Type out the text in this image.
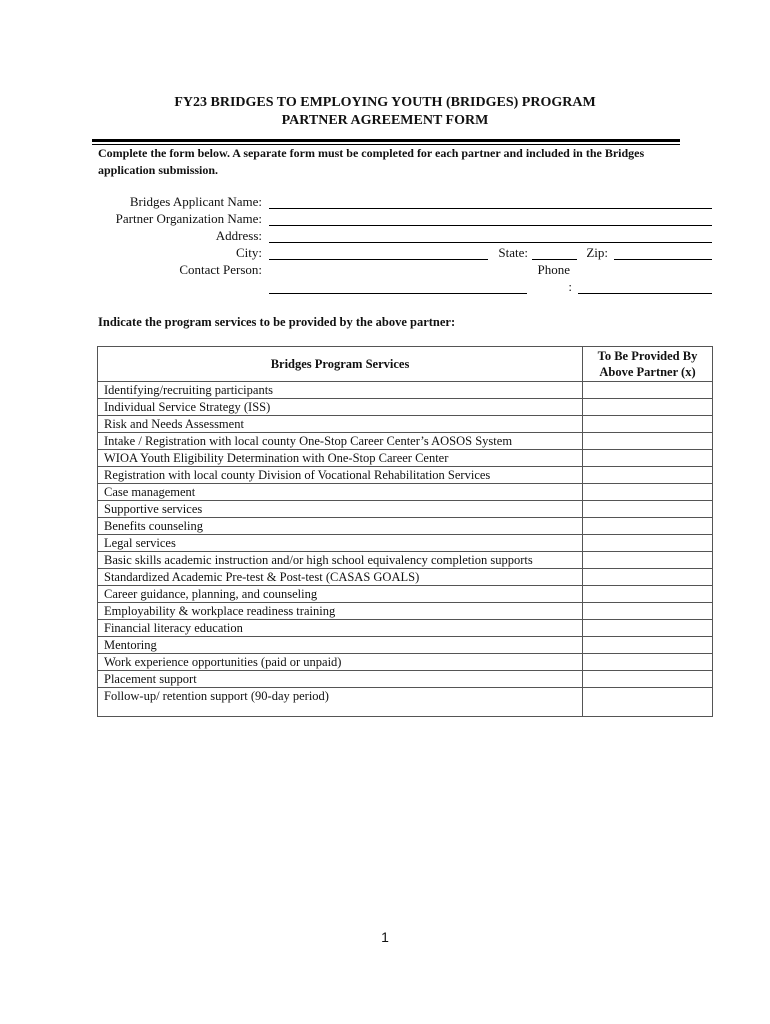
FY23 BRIDGES TO EMPLOYING YOUTH (BRIDGES) PROGRAM
PARTNER AGREEMENT FORM
Complete the form below. A separate form must be completed for each partner and included in the Bridges application submission.
Bridges Applicant Name:
Partner Organization Name:
Address:
City:	State:	Zip:
Contact Person:	Phone
:
Indicate the program services to be provided by the above partner:
Bridges Program Services	To Be Provided By Above Partner (x)
Identifying/recruiting participants	
Individual Service Strategy (ISS)	
Risk and Needs Assessment	
Intake / Registration with local county One-Stop Career Center’s AOSOS System	
WIOA Youth Eligibility Determination with One-Stop Career Center	
Registration with local county Division of Vocational Rehabilitation Services	
Case management	
Supportive services	
Benefits counseling	
Legal services	
Basic skills academic instruction and/or high school equivalency completion supports	
Standardized Academic Pre-test & Post-test (CASAS GOALS)	
Career guidance, planning, and counseling	
Employability & workplace readiness training	
Financial literacy education	
Mentoring	
Work experience opportunities (paid or unpaid)	
Placement support	
Follow-up/ retention support (90-day period)	
1
